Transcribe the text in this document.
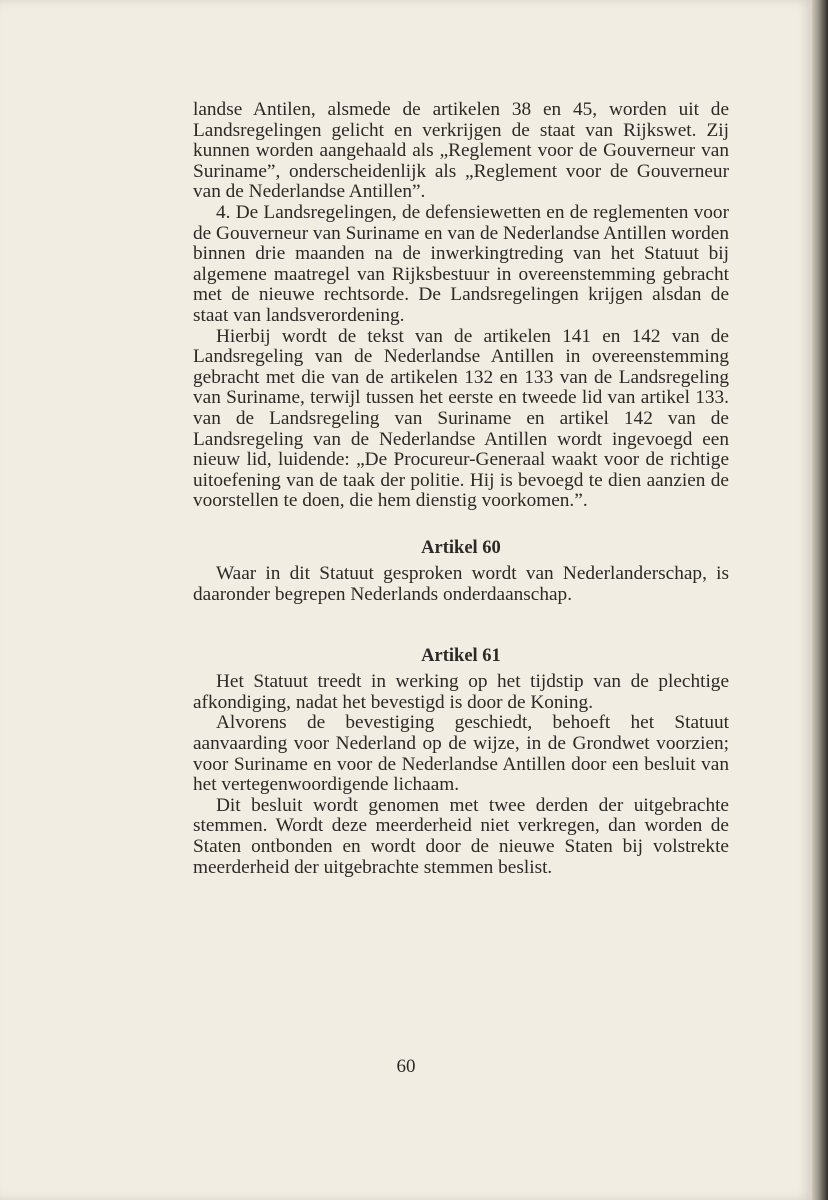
landse Antilen, alsmede de artikelen 38 en 45, worden uit de Landsregelingen gelicht en verkrijgen de staat van Rijkswet. Zij kunnen worden aangehaald als „Reglement voor de Gouverneur van Suriname”, onderscheidenlijk als „Reglement voor de Gouverneur van de Nederlandse Antillen”.

4. De Landsregelingen, de defensiewetten en de reglementen voor de Gouverneur van Suriname en van de Nederlandse Antillen worden binnen drie maanden na de inwerkingtreding van het Statuut bij algemene maatregel van Rijksbestuur in overeenstemming gebracht met de nieuwe rechtsorde. De Landsregelingen krijgen alsdan de staat van landsverordening.

Hierbij wordt de tekst van de artikelen 141 en 142 van de Landsregeling van de Nederlandse Antillen in overeenstemming gebracht met die van de artikelen 132 en 133 van de Landsregeling van Suriname, terwijl tussen het eerste en tweede lid van artikel 133. van de Landsregeling van Suriname en artikel 142 van de Landsregeling van de Nederlandse Antillen wordt ingevoegd een nieuw lid, luidende: „De Procureur-Generaal waakt voor de richtige uitoefening van de taak der politie. Hij is bevoegd te dien aanzien de voorstellen te doen, die hem dienstig voorkomen.”.

Artikel 60

Waar in dit Statuut gesproken wordt van Nederlanderschap, is daaronder begrepen Nederlands onderdaanschap.

Artikel 61

Het Statuut treedt in werking op het tijdstip van de plechtige afkondiging, nadat het bevestigd is door de Koning.

Alvorens de bevestiging geschiedt, behoeft het Statuut aanvaarding voor Nederland op de wijze, in de Grondwet voorzien; voor Suriname en voor de Nederlandse Antillen door een besluit van het vertegenwoordigende lichaam.

Dit besluit wordt genomen met twee derden der uitgebrachte stemmen. Wordt deze meerderheid niet verkregen, dan worden de Staten ontbonden en wordt door de nieuwe Staten bij volstrekte meerderheid der uitgebrachte stemmen beslist.

60
